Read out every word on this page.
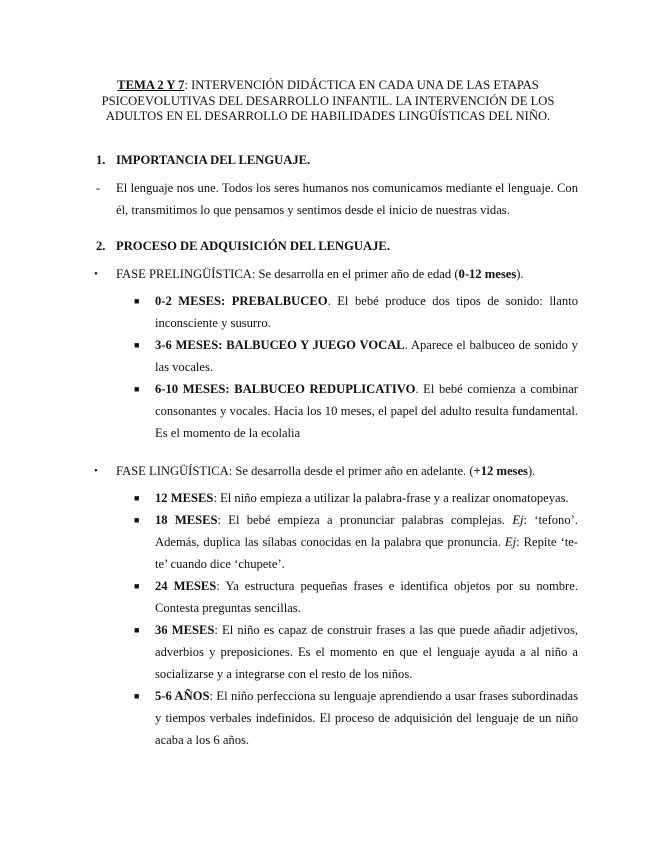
TEMA 2 Y 7: INTERVENCIÓN DIDÁCTICA EN CADA UNA DE LAS ETAPAS PSICOEVOLUTIVAS DEL DESARROLLO INFANTIL. LA INTERVENCIÓN DE LOS ADULTOS EN EL DESARROLLO DE HABILIDADES LINGÜÍSTICAS DEL NIÑO.
1. IMPORTANCIA DEL LENGUAJE.
- El lenguaje nos une. Todos los seres humanos nos comunicamos mediante el lenguaje. Con él, transmitimos lo que pensamos y sentimos desde el inicio de nuestras vidas.
2. PROCESO DE ADQUISICIÓN DEL LENGUAJE.
• FASE PRELINGÜÍSTICA: Se desarrolla en el primer año de edad (0-12 meses).
■ 0-2 MESES: PREBALBUCEO. El bebé produce dos tipos de sonido: llanto inconsciente y susurro.
■ 3-6 MESES: BALBUCEO Y JUEGO VOCAL. Aparece el balbuceo de sonido y las vocales.
■ 6-10 MESES: BALBUCEO REDUPLICATIVO. El bebé comienza a combinar consonantes y vocales. Hacia los 10 meses, el papel del adulto resulta fundamental. Es el momento de la ecolalia
• FASE LINGÜÍSTICA: Se desarrolla desde el primer año en adelante. (+12 meses).
■ 12 MESES: El niño empieza a utilizar la palabra-frase y a realizar onomatopeyas.
■ 18 MESES: El bebé empieza a pronunciar palabras complejas. Ej: ‘tefono’. Además, duplica las sílabas conocidas en la palabra que pronuncia. Ej: Repite ‘te-te’ cuando dice ‘chupete’.
■ 24 MESES: Ya estructura pequeñas frases e identifica objetos por su nombre. Contesta preguntas sencillas.
■ 36 MESES: El niño es capaz de construir frases a las que puede añadir adjetivos, adverbios y preposiciones. Es el momento en que el lenguaje ayuda a al niño a socializarse y a integrarse con el resto de los niños.
■ 5-6 AÑOS: El niño perfecciona su lenguaje aprendiendo a usar frases subordinadas y tiempos verbales indefinidos. El proceso de adquisición del lenguaje de un niño acaba a los 6 años.
